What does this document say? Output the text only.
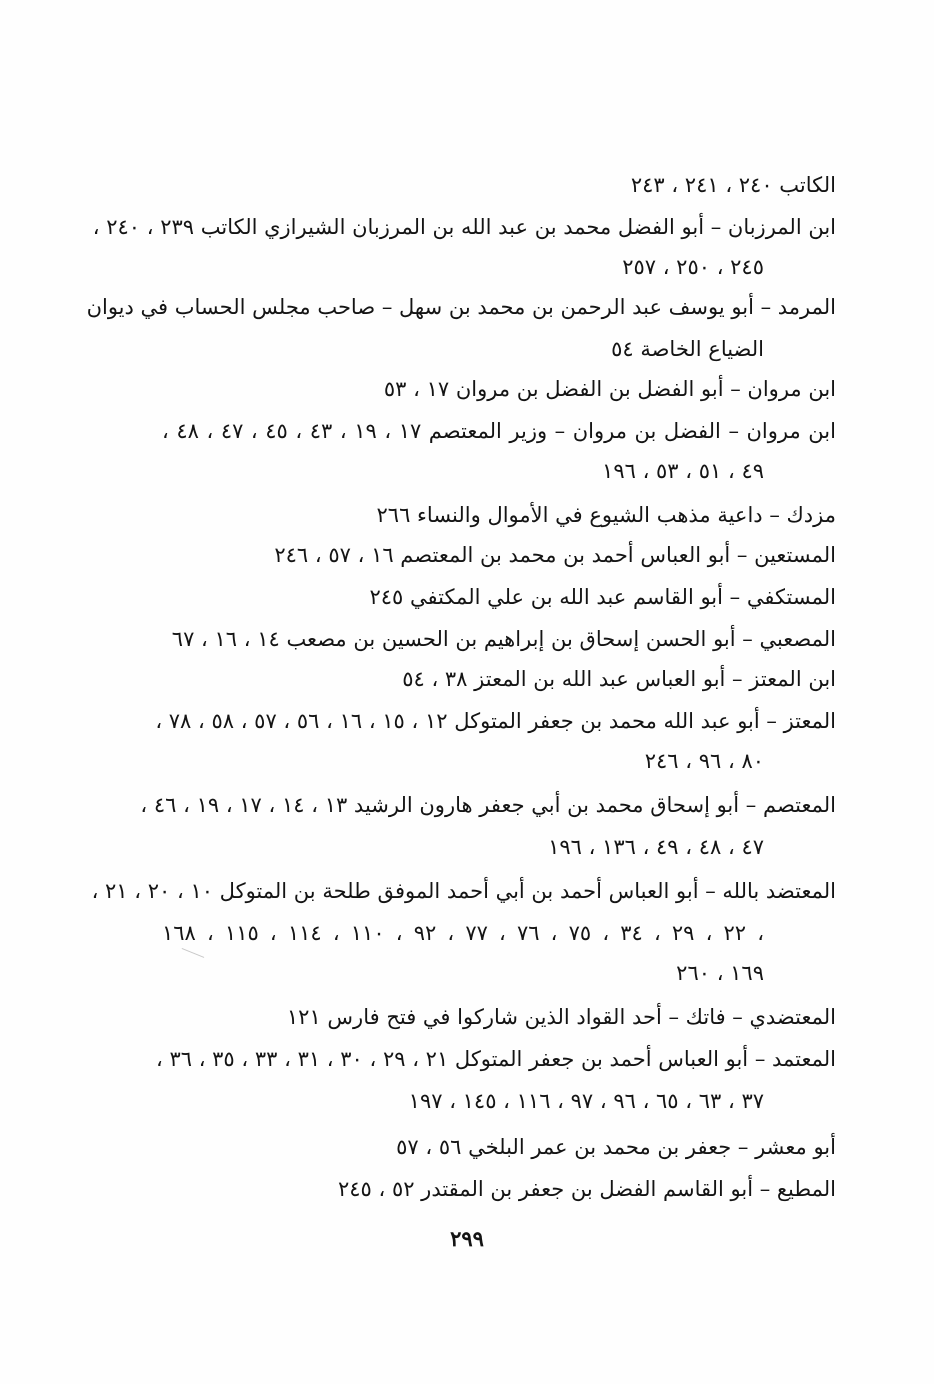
الكاتب ٢٤٠ ، ٢٤١ ، ٢٤٣
ابن المرزبان – أبو الفضل محمد بن عبد الله بن المرزبان الشيرازي الكاتب ٢٣٩ ، ٢٤٠ ،
٢٤٥ ، ٢٥٠ ، ٢٥٧
المرمد – أبو يوسف عبد الرحمن بن محمد بن سهل – صاحب مجلس الحساب في ديوان
الضياع الخاصة ٥٤
ابن مروان – أبو الفضل بن الفضل بن مروان ١٧ ، ٥٣
ابن مروان – الفضل بن مروان – وزير المعتصم ١٧ ، ١٩ ، ٤٣ ، ٤٥ ، ٤٧ ، ٤٨ ،
٤٩ ، ٥١ ، ٥٣ ، ١٩٦
مزدك – داعية مذهب الشيوع في الأموال والنساء ٢٦٦
المستعين – أبو العباس أحمد بن محمد بن المعتصم ١٦ ، ٥٧ ، ٢٤٦
المستكفي – أبو القاسم عبد الله بن علي المكتفي ٢٤٥
المصعبي – أبو الحسن إسحاق بن إبراهيم بن الحسين بن مصعب ١٤ ، ١٦ ، ٦٧
ابن المعتز – أبو العباس عبد الله بن المعتز ٣٨ ، ٥٤
المعتز – أبو عبد الله محمد بن جعفر المتوكل ١٢ ، ١٥ ، ١٦ ، ٥٦ ، ٥٧ ، ٥٨ ، ٧٨ ،
٨٠ ، ٩٦ ، ٢٤٦
المعتصم – أبو إسحاق محمد بن أبي جعفر هارون الرشيد ١٣ ، ١٤ ، ١٧ ، ١٩ ، ٤٦ ،
٤٧ ، ٤٨ ، ٤٩ ، ١٣٦ ، ١٩٦
المعتضد بالله – أبو العباس أحمد بن أبي أحمد الموفق طلحة بن المتوكل ١٠ ، ٢٠ ، ٢١ ،
٢٢ ، ٢٩ ، ٣٤ ، ٧٥ ، ٧٦ ، ٧٧ ، ٩٢ ، ١١٠ ، ١١٤ ، ١١٥ ، ١٦٨ ،
١٦٩ ، ٢٦٠
المعتضدي – فاتك – أحد القواد الذين شاركوا في فتح فارس ١٢١
المعتمد – أبو العباس أحمد بن جعفر المتوكل ٢١ ، ٢٩ ، ٣٠ ، ٣١ ، ٣٣ ، ٣٥ ، ٣٦ ،
٣٧ ، ٦٣ ، ٦٥ ، ٩٦ ، ٩٧ ، ١١٦ ، ١٤٥ ، ١٩٧
أبو معشر – جعفر بن محمد بن عمر البلخي ٥٦ ، ٥٧
المطيع – أبو القاسم الفضل بن جعفر بن المقتدر ٥٢ ، ٢٤٥
٢٩٩
